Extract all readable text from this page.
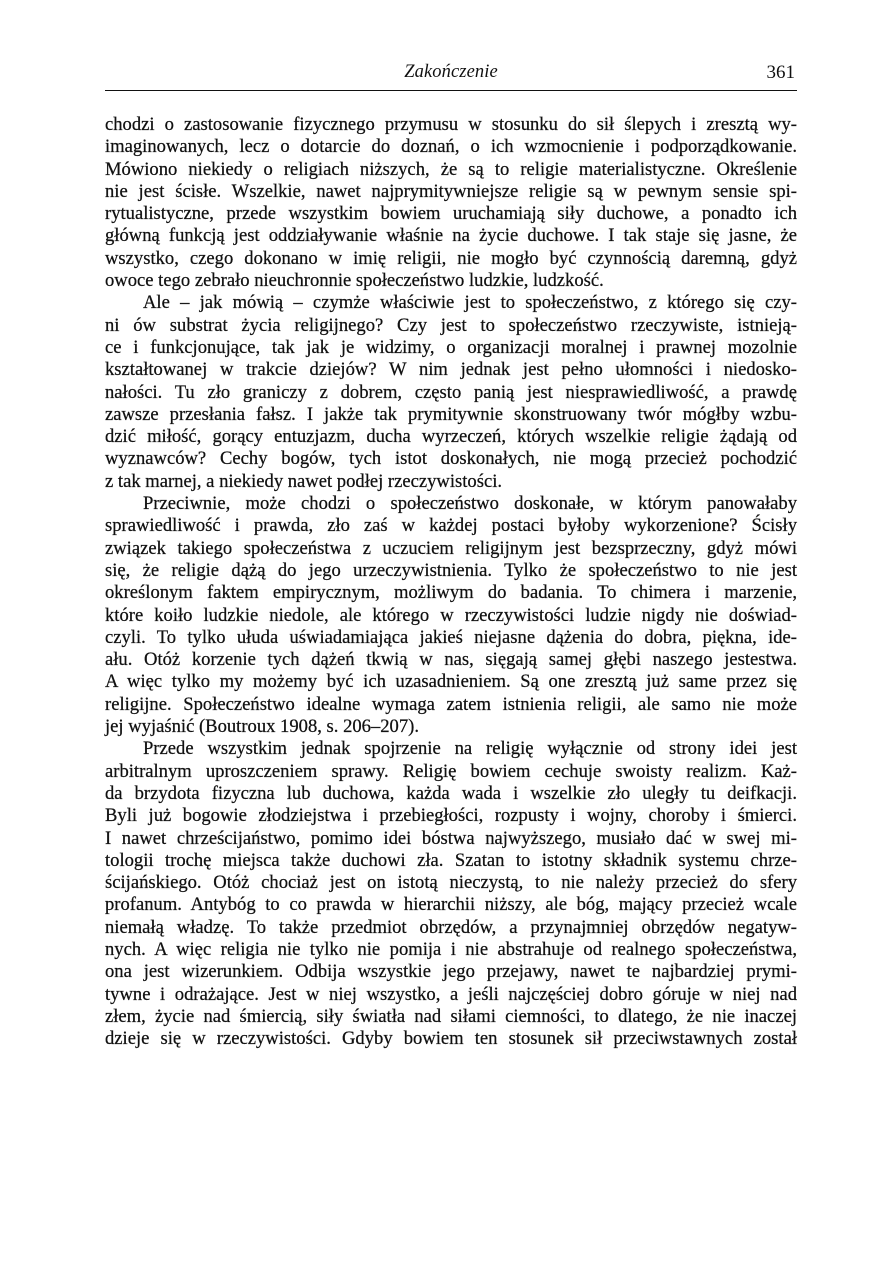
Zakończenie	361
chodzi o zastosowanie fizycznego przymusu w stosunku do sił ślepych i zresztą wy-
imaginowanych, lecz o dotarcie do doznań, o ich wzmocnienie i podporządkowanie.
Mówiono niekiedy o religiach niższych, że są to religie materialistyczne. Określenie
nie jest ścisłe. Wszelkie, nawet najprymitywniejsze religie są w pewnym sensie spi-
rytualistyczne, przede wszystkim bowiem uruchamiają siły duchowe, a ponadto ich
główną funkcją jest oddziaływanie właśnie na życie duchowe. I tak staje się jasne, że
wszystko, czego dokonano w imię religii, nie mogło być czynnością daremną, gdyż
owoce tego zebrało nieuchronnie społeczeństwo ludzkie, ludzkość.
Ale – jak mówią – czymże właściwie jest to społeczeństwo, z którego się czy-
ni ów substrat życia religijnego? Czy jest to społeczeństwo rzeczywiste, istnieją-
ce i funkcjonujące, tak jak je widzimy, o organizacji moralnej i prawnej mozolnie
kształtowanej w trakcie dziejów? W nim jednak jest pełno ułomności i niedosko-
nałości. Tu zło graniczy z dobrem, często panią jest niesprawiedliwość, a prawdę
zawsze przesłania fałsz. I jakże tak prymitywnie skonstruowany twór mógłby wzbu-
dzić miłość, gorący entuzjazm, ducha wyrzeczeń, których wszelkie religie żądają od
wyznawców? Cechy bogów, tych istot doskonałych, nie mogą przecież pochodzić
z tak marnej, a niekiedy nawet podłej rzeczywistości.
Przeciwnie, może chodzi o społeczeństwo doskonałe, w którym panowałaby
sprawiedliwość i prawda, zło zaś w każdej postaci byłoby wykorzenione? Ścisły
związek takiego społeczeństwa z uczuciem religijnym jest bezsprzeczny, gdyż mówi
się, że religie dążą do jego urzeczywistnienia. Tylko że społeczeństwo to nie jest
określonym faktem empirycznym, możliwym do badania. To chimera i marzenie,
które koiło ludzkie niedole, ale którego w rzeczywistości ludzie nigdy nie doświad-
czyli. To tylko ułuda uświadamiająca jakieś niejasne dążenia do dobra, piękna, ide-
ału. Otóż korzenie tych dążeń tkwią w nas, sięgają samej głębi naszego jestestwa.
A więc tylko my możemy być ich uzasadnieniem. Są one zresztą już same przez się
religijne. Społeczeństwo idealne wymaga zatem istnienia religii, ale samo nie może
jej wyjaśnić (Boutroux 1908, s. 206–207).
Przede wszystkim jednak spojrzenie na religię wyłącznie od strony idei jest
arbitralnym uproszczeniem sprawy. Religię bowiem cechuje swoisty realizm. Każ-
da brzydota fizyczna lub duchowa, każda wada i wszelkie zło uległy tu deifkacji.
Byli już bogowie złodziejstwa i przebiegłości, rozpusty i wojny, choroby i śmierci.
I nawet chrześcijaństwo, pomimo idei bóstwa najwyższego, musiało dać w swej mi-
tologii trochę miejsca także duchowi zła. Szatan to istotny składnik systemu chrze-
ścijańskiego. Otóż chociaż jest on istotą nieczystą, to nie należy przecież do sfery
profanum. Antybóg to co prawda w hierarchii niższy, ale bóg, mający przecież wcale
niemałą władzę. To także przedmiot obrzędów, a przynajmniej obrzędów negatyw-
nych. A więc religia nie tylko nie pomija i nie abstrahuje od realnego społeczeństwa,
ona jest wizerunkiem. Odbija wszystkie jego przejawy, nawet te najbardziej prymi-
tywne i odrażające. Jest w niej wszystko, a jeśli najczęściej dobro góruje w niej nad
złem, życie nad śmiercią, siły światła nad siłami ciemności, to dlatego, że nie inaczej
dzieje się w rzeczywistości. Gdyby bowiem ten stosunek sił przeciwstawnych został
